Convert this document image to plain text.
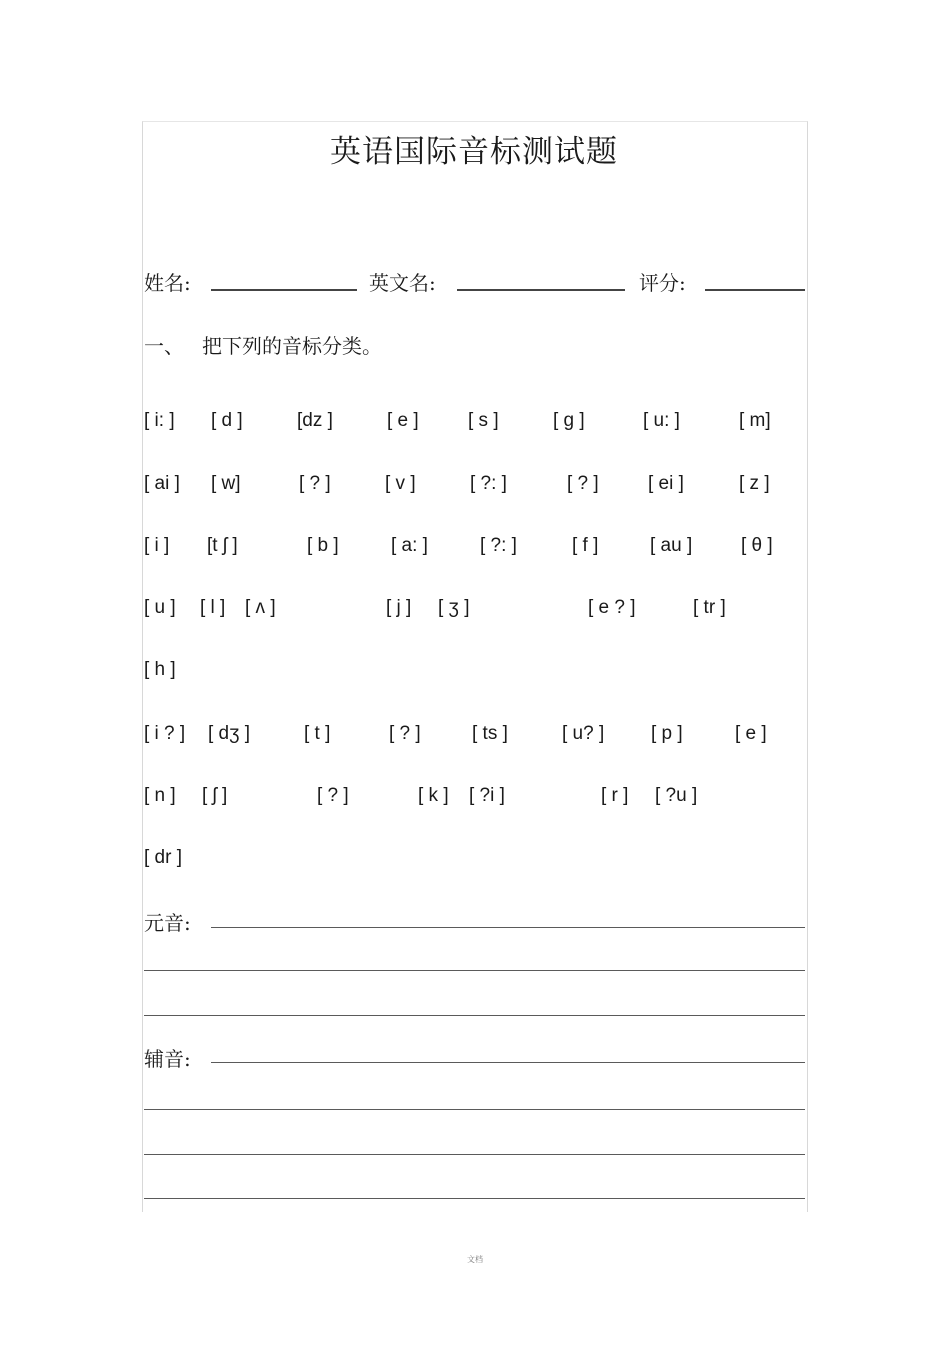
英语国际音标测试题
姓名:	英文名:	评分:
一、 把下列的音标分类。
[ i: ] [ d ]	[dz ]	[ e ]	[ s ]	[ g ]	[ u: ]	[ m]
[ ai ] [ w]	[ ? ]	[ v ]	[ ?: ]	[ ? ]	[ ei ]	[ z ]
[ i ] [t ʃ ]	[ b ]	[ a: ]	[ ?: ]	[ f ]	[ au ]	[ θ ]
[ u ] [ l ] [ ʌ ]	[ j ] [ ʒ ]	[ e ? ]	[ tr ]
[ h ]
[ i ? ] [ dʒ ]	[ t ]	[ ? ]	[ ts ]	[ u? ] [ p ]	[ e ]
[ n ] [ ʃ ]	[ ? ]	[ k ] [ ?i ]	[ r ] [ ?u ]
[ dr ]
元音:
辅音:
文档
